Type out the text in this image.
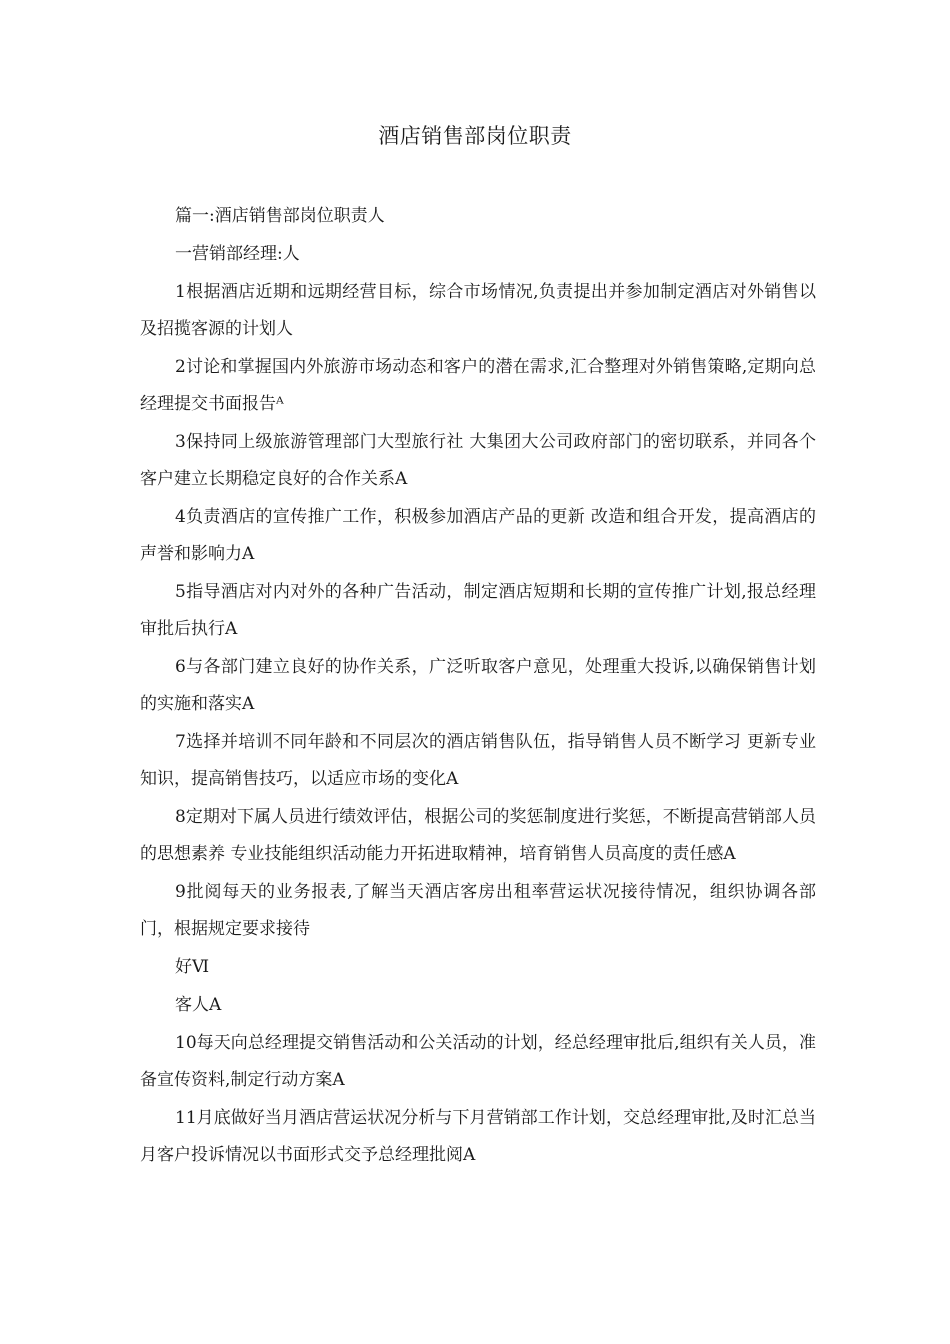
酒店销售部岗位职责

篇一:酒店销售部岗位职责人

一营销部经理:人

1根据酒店近期和远期经营目标，综合市场情况,负责提出并参加制定酒店对外销售以及招揽客源的计划人

2讨论和掌握国内外旅游市场动态和客户的潜在需求,汇合整理对外销售策略,定期向总经理提交书面报告ᴬ

3保持同上级旅游管理部门大型旅行社 大集团大公司政府部门的密切联系，并同各个客户建立长期稳定良好的合作关系A

4负责酒店的宣传推广工作，积极参加酒店产品的更新 改造和组合开发，提高酒店的声誉和影响力A

5指导酒店对内对外的各种广告活动，制定酒店短期和长期的宣传推广计划,报总经理审批后执行A

6与各部门建立良好的协作关系，广泛听取客户意见，处理重大投诉,以确保销售计划的实施和落实A

7选择并培训不同年龄和不同层次的酒店销售队伍，指导销售人员不断学习 更新专业知识，提高销售技巧，以适应市场的变化A

8定期对下属人员进行绩效评估，根据公司的奖惩制度进行奖惩，不断提高营销部人员的思想素养 专业技能组织活动能力开拓进取精神，培育销售人员高度的责任感A

9批阅每天的业务报表,了解当天酒店客房出租率营运状况接待情况，组织协调各部门，根据规定要求接待

好Ⅵ

客人A

10每天向总经理提交销售活动和公关活动的计划，经总经理审批后,组织有关人员，准备宣传资料,制定行动方案A

11月底做好当月酒店营运状况分析与下月营销部工作计划，交总经理审批,及时汇总当月客户投诉情况以书面形式交予总经理批阅A
